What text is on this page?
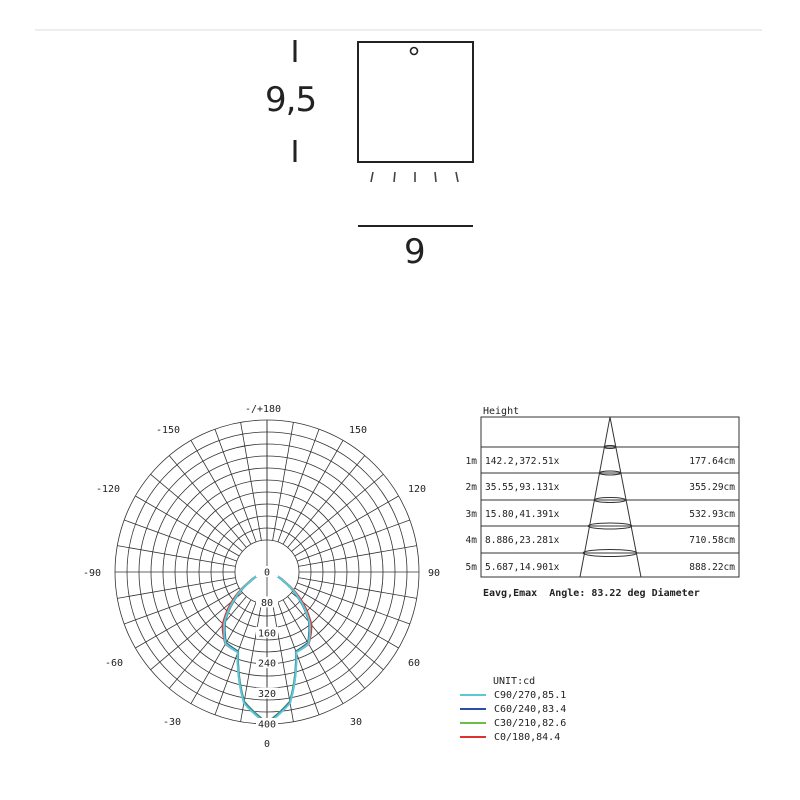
9,5
9
-/+180
-150	150
-120	120
-90	90
-60	60
-30	30
0
0
80
160
240
320
400
Height
1m 142.2,372.51x	177.64cm
2m 35.55,93.131x	355.29cm
3m 15.80,41.391x	532.93cm
4m 8.886,23.281x	710.58cm
5m 5.687,14.901x	888.22cm
Eavg,Emax  Angle: 83.22 deg Diameter
UNIT:cd
C90/270,85.1
C60/240,83.4
C30/210,82.6
C0/180,84.4
